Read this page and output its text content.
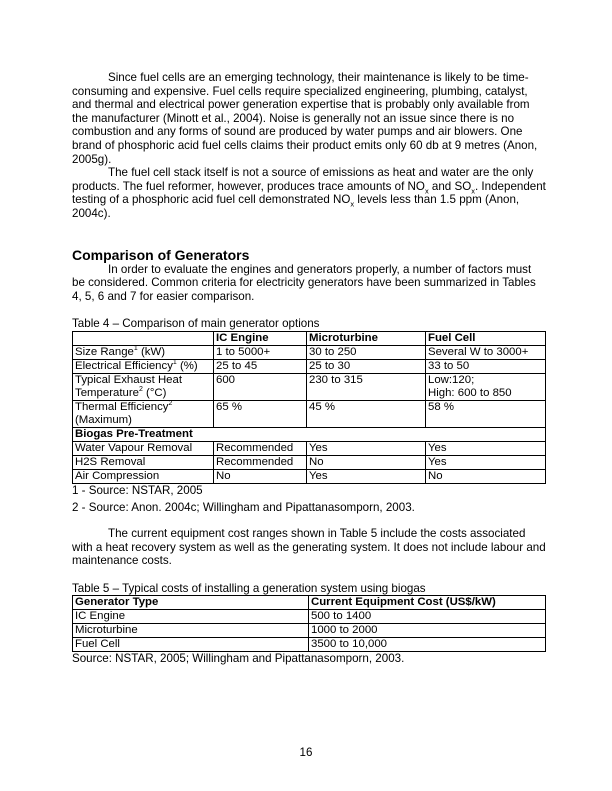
Since fuel cells are an emerging technology, their maintenance is likely to be time-consuming and expensive. Fuel cells require specialized engineering, plumbing, catalyst, and thermal and electrical power generation expertise that is probably only available from the manufacturer (Minott et al., 2004). Noise is generally not an issue since there is no combustion and any forms of sound are produced by water pumps and air blowers. One brand of phosphoric acid fuel cells claims their product emits only 60 db at 9 metres (Anon, 2005g).

The fuel cell stack itself is not a source of emissions as heat and water are the only products. The fuel reformer, however, produces trace amounts of $NO_x$ and $SO_x$. Independent testing of a phosphoric acid fuel cell demonstrated $NO_x$ levels less than 1.5 ppm (Anon, 2004c).

Comparison of Generators

In order to evaluate the engines and generators properly, a number of factors must be considered. Common criteria for electricity generators have been summarized in Tables 4, 5, 6 and 7 for easier comparison.

Table 4 – Comparison of main generator options
	IC Engine	Microturbine	Fuel Cell
Size Range$^1$ (kW)	1 to 5000+	30 to 250	Several W to 3000+
Electrical Efficiency$^1$ (%)	25 to 45	25 to 30	33 to 50
Typical Exhaust Heat
Temperature$^2$ (°C)	600	230 to 315	Low:120;
High: 600 to 850
Thermal Efficiency$^2$
(Maximum)	65 %	45 %	58 %
Biogas Pre-Treatment			
Water Vapour Removal	Recommended	Yes	Yes
H2S Removal	Recommended	No	Yes
Air Compression	No	Yes	No
1 - Source: NSTAR, 2005
2 - Source: Anon. 2004c; Willingham and Pipattanasomporn, 2003.

The current equipment cost ranges shown in Table 5 include the costs associated with a heat recovery system as well as the generating system. It does not include labour and maintenance costs.

Table 5 – Typical costs of installing a generation system using biogas
Generator Type	Current Equipment Cost (US$/kW)
IC Engine	500 to 1400
Microturbine	1000 to 2000
Fuel Cell	3500 to 10,000
Source: NSTAR, 2005; Willingham and Pipattanasomporn, 2003.
16
